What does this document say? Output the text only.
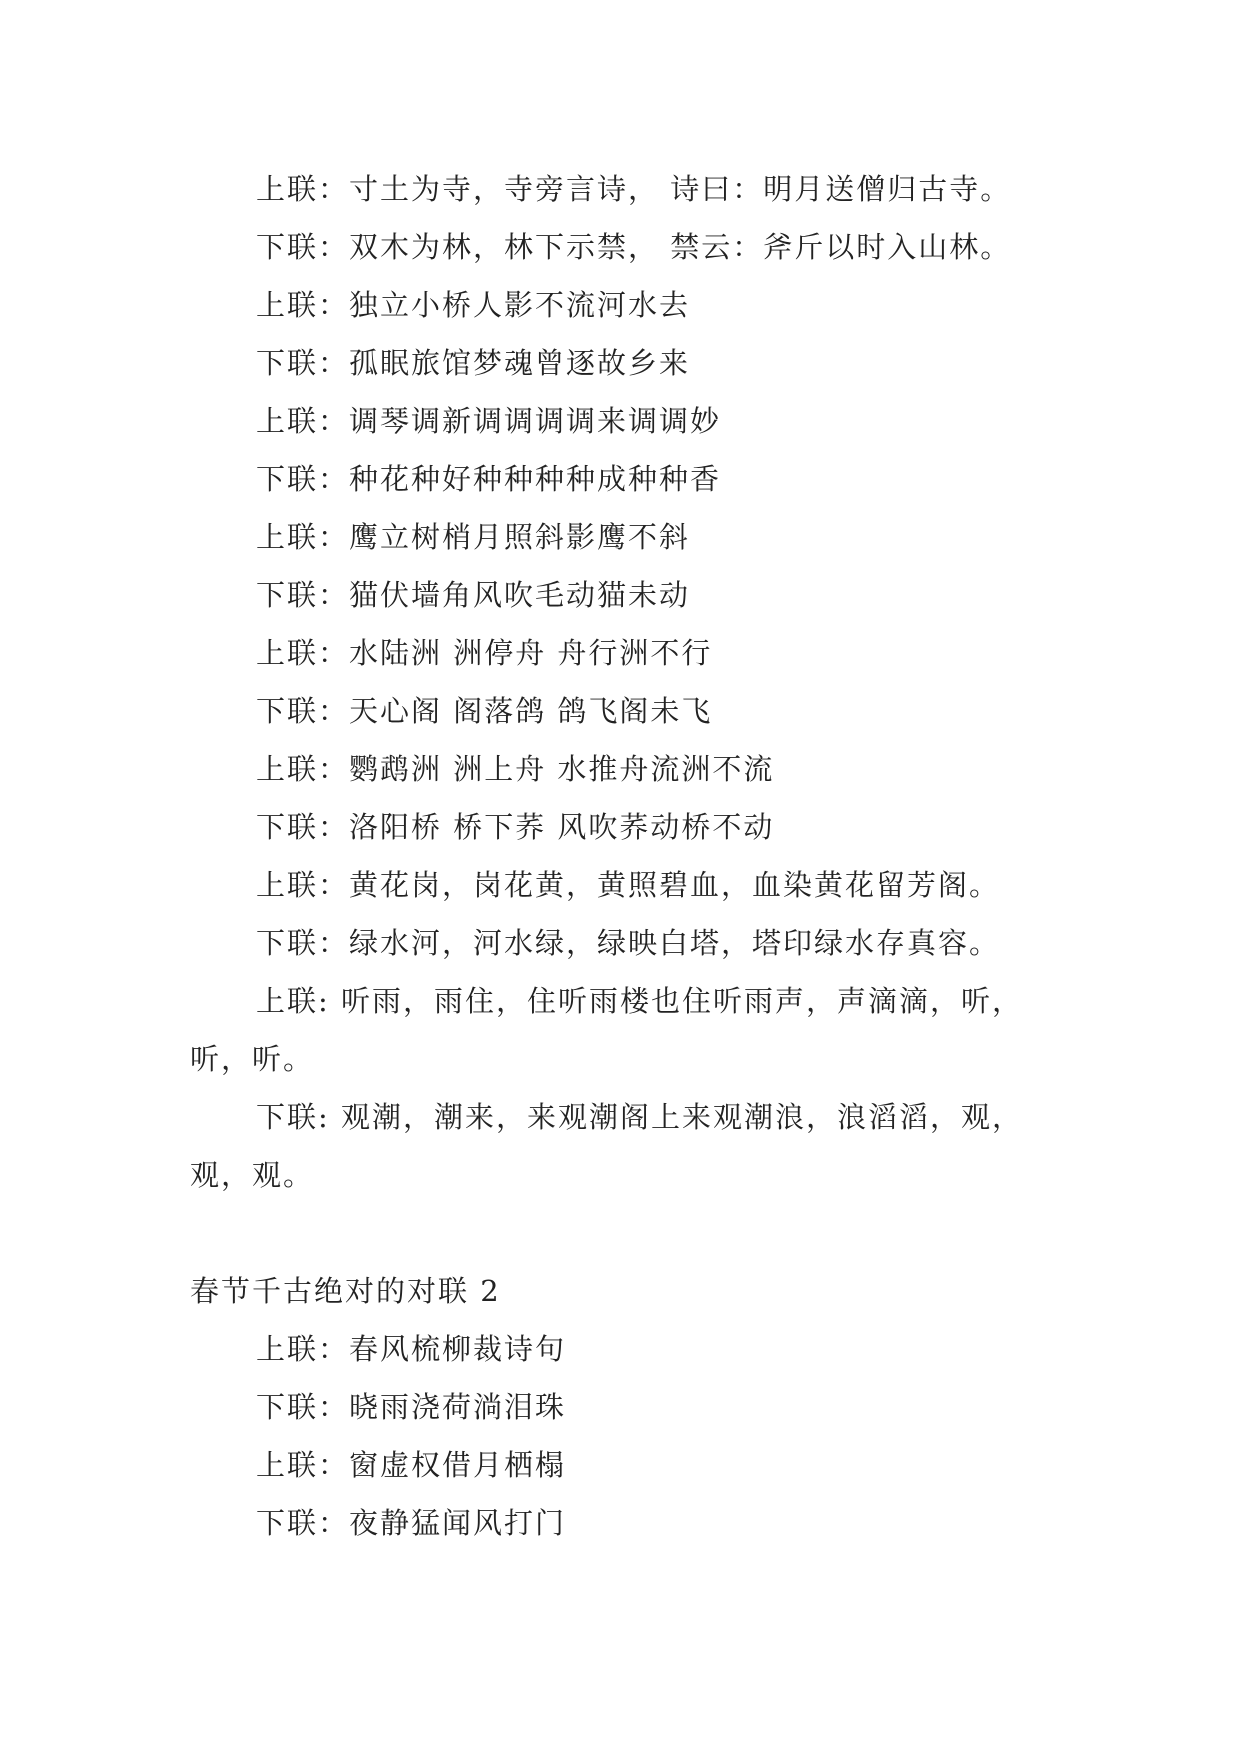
上联：寸土为寺，寺旁言诗， 诗曰：明月送僧归古寺。
下联：双木为林，林下示禁， 禁云：斧斤以时入山林。
上联：独立小桥人影不流河水去
下联：孤眠旅馆梦魂曾逐故乡来
上联：调琴调新调调调调来调调妙
下联：种花种好种种种种成种种香
上联：鹰立树梢月照斜影鹰不斜
下联：猫伏墙角风吹毛动猫未动
上联：水陆洲 洲停舟 舟行洲不行
下联：天心阁 阁落鸽 鸽飞阁未飞
上联：鹦鹉洲 洲上舟 水推舟流洲不流
下联：洛阳桥 桥下荞 风吹荞动桥不动
上联：黄花岗，岗花黄，黄照碧血，血染黄花留芳阁。
下联：绿水河，河水绿，绿映白塔，塔印绿水存真容。
上联: 听雨，雨住，住听雨楼也住听雨声，声滴滴，听，听，听。
下联: 观潮，潮来，来观潮阁上来观潮浪，浪滔滔，观，观，观。
春节千古绝对的对联 2
上联：春风梳柳裁诗句
下联：晓雨浇荷淌泪珠
上联：窗虚权借月栖榻
下联：夜静猛闻风打门
